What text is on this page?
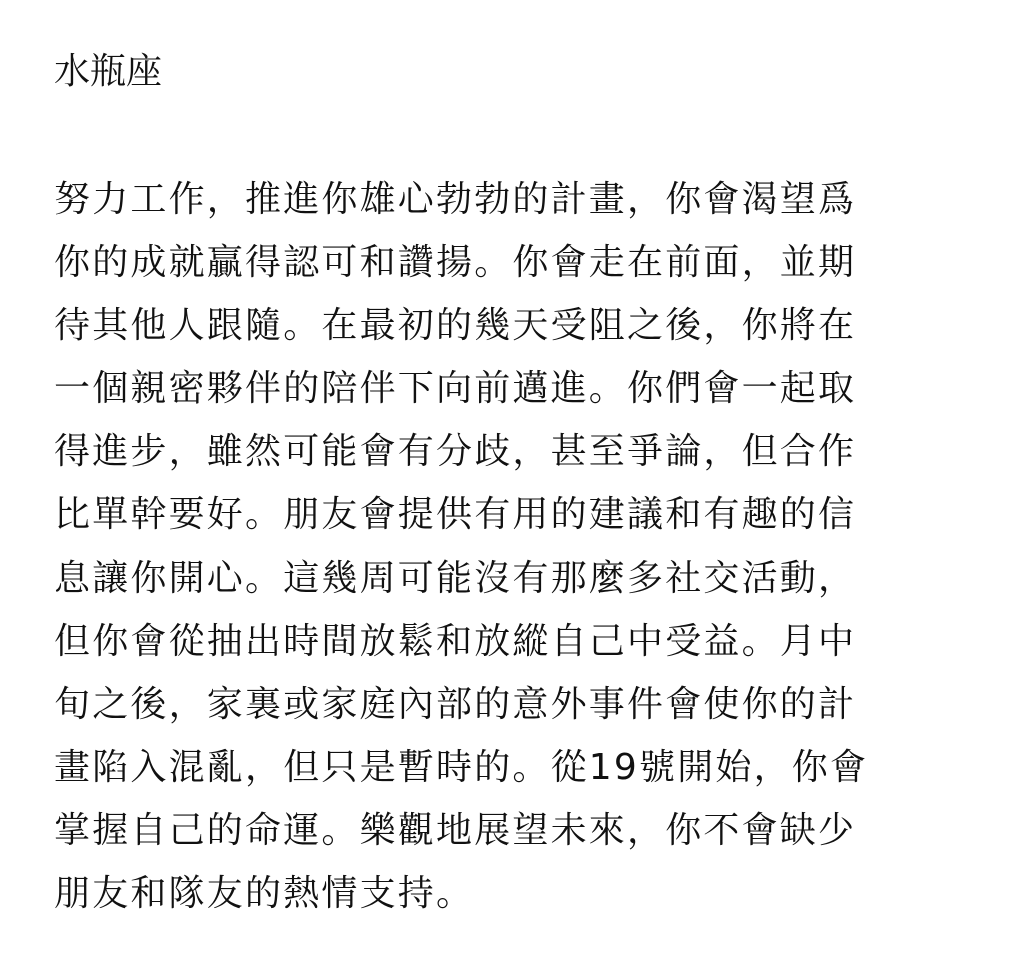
水瓶座
努力工作，推進你雄心勃勃的計畫，你會渴望爲
你的成就贏得認可和讚揚。你會走在前面，並期
待其他人跟隨。在最初的幾天受阻之後，你將在
一個親密夥伴的陪伴下向前邁進。你們會一起取
得進步，雖然可能會有分歧，甚至爭論，但合作
比單幹要好。朋友會提供有用的建議和有趣的信
息讓你開心。這幾周可能沒有那麼多社交活動，
但你會從抽出時間放鬆和放縱自己中受益。月中
旬之後，家裏或家庭內部的意外事件會使你的計
畫陷入混亂，但只是暫時的。從19號開始，你會
掌握自己的命運。樂觀地展望未來，你不會缺少
朋友和隊友的熱情支持。
